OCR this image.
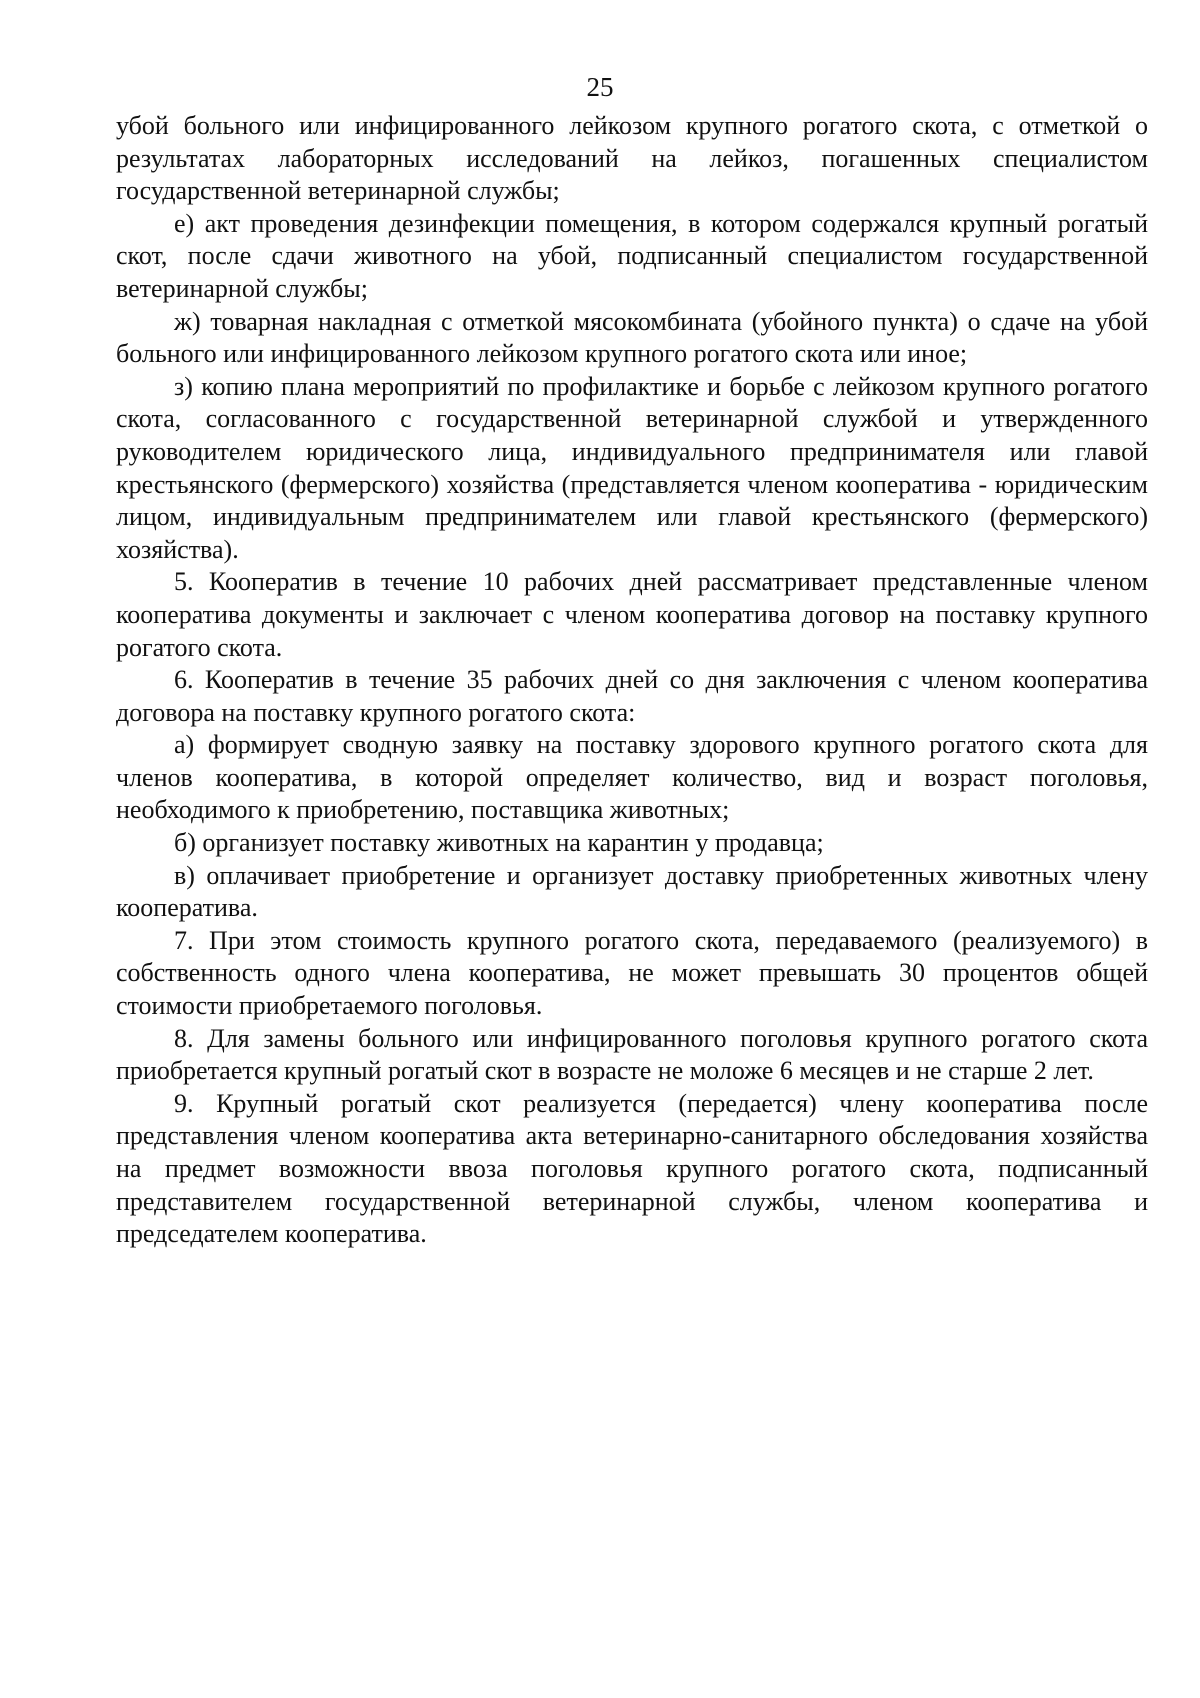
25

убой больного или инфицированного лейкозом крупного рогатого скота, с отметкой о результатах лабораторных исследований на лейкоз, погашенных специалистом государственной ветеринарной службы;

е) акт проведения дезинфекции помещения, в котором содержался крупный рогатый скот, после сдачи животного на убой, подписанный специалистом государственной ветеринарной службы;

ж) товарная накладная с отметкой мясокомбината (убойного пункта) о сдаче на убой больного или инфицированного лейкозом крупного рогатого скота или иное;

з) копию плана мероприятий по профилактике и борьбе с лейкозом крупного рогатого скота, согласованного с государственной ветеринарной службой и утвержденного руководителем юридического лица, индивидуального предпринимателя или главой крестьянского (фермерского) хозяйства (представляется членом кооператива - юридическим лицом, индивидуальным предпринимателем или главой крестьянского (фермерского) хозяйства).

5. Кооператив в течение 10 рабочих дней рассматривает представленные членом кооператива документы и заключает с членом кооператива договор на поставку крупного рогатого скота.

6. Кооператив в течение 35 рабочих дней со дня заключения с членом кооператива договора на поставку крупного рогатого скота:

а) формирует сводную заявку на поставку здорового крупного рогатого скота для членов кооператива, в которой определяет количество, вид и возраст поголовья, необходимого к приобретению, поставщика животных;

б) организует поставку животных на карантин у продавца;

в) оплачивает приобретение и организует доставку приобретенных животных члену кооператива.

7. При этом стоимость крупного рогатого скота, передаваемого (реализуемого) в собственность одного члена кооператива, не может превышать 30 процентов общей стоимости приобретаемого поголовья.

8. Для замены больного или инфицированного поголовья крупного рогатого скота приобретается крупный рогатый скот в возрасте не моложе 6 месяцев и не старше 2 лет.

9. Крупный рогатый скот реализуется (передается) члену кооператива после представления членом кооператива акта ветеринарно-санитарного обследования хозяйства на предмет возможности ввоза поголовья крупного рогатого скота, подписанный представителем государственной ветеринарной службы, членом кооператива и председателем кооператива.
